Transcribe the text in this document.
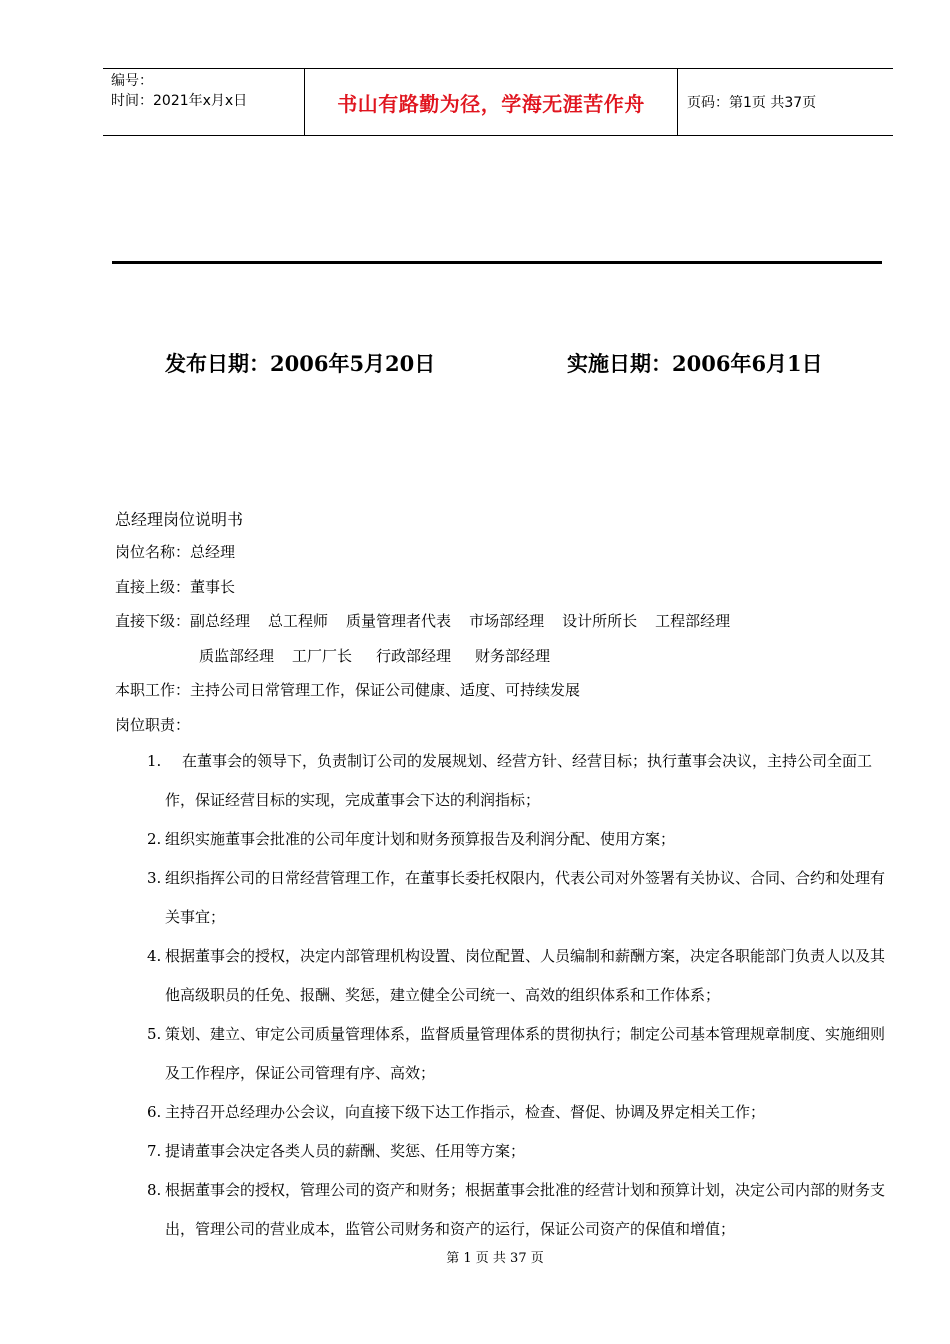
编号：
时间：2021年x月x日	书山有路勤为径，学海无涯苦作舟	页码：第1页 共37页
发布日期：2006年5月20日	实施日期：2006年6月1日
总经理岗位说明书
岗位名称：总经理
直接上级：董事长
直接下级：副总经理 总工程师 质量管理者代表 市场部经理 设计所所长 工程部经理
质监部经理 工厂厂长 行政部经理 财务部经理
本职工作：主持公司日常管理工作，保证公司健康、适度、可持续发展
岗位职责：
1.	在董事会的领导下，负责制订公司的发展规划、经营方针、经营目标；执行董事会决议，主持公司全面工作，保证经营目标的实现，完成董事会下达的利润指标；
2. 组织实施董事会批准的公司年度计划和财务预算报告及利润分配、使用方案；
3. 组织指挥公司的日常经营管理工作，在董事长委托权限内，代表公司对外签署有关协议、合同、合约和处理有关事宜；
4. 根据董事会的授权，决定内部管理机构设置、岗位配置、人员编制和薪酬方案，决定各职能部门负责人以及其他高级职员的任免、报酬、奖惩，建立健全公司统一、高效的组织体系和工作体系；
5. 策划、建立、审定公司质量管理体系，监督质量管理体系的贯彻执行；制定公司基本管理规章制度、实施细则及工作程序，保证公司管理有序、高效；
6. 主持召开总经理办公会议，向直接下级下达工作指示，检查、督促、协调及界定相关工作；
7. 提请董事会决定各类人员的薪酬、奖惩、任用等方案；
8. 根据董事会的授权，管理公司的资产和财务；根据董事会批准的经营计划和预算计划，决定公司内部的财务支出，管理公司的营业成本，监管公司财务和资产的运行，保证公司资产的保值和增值；
第 1 页 共 37 页
